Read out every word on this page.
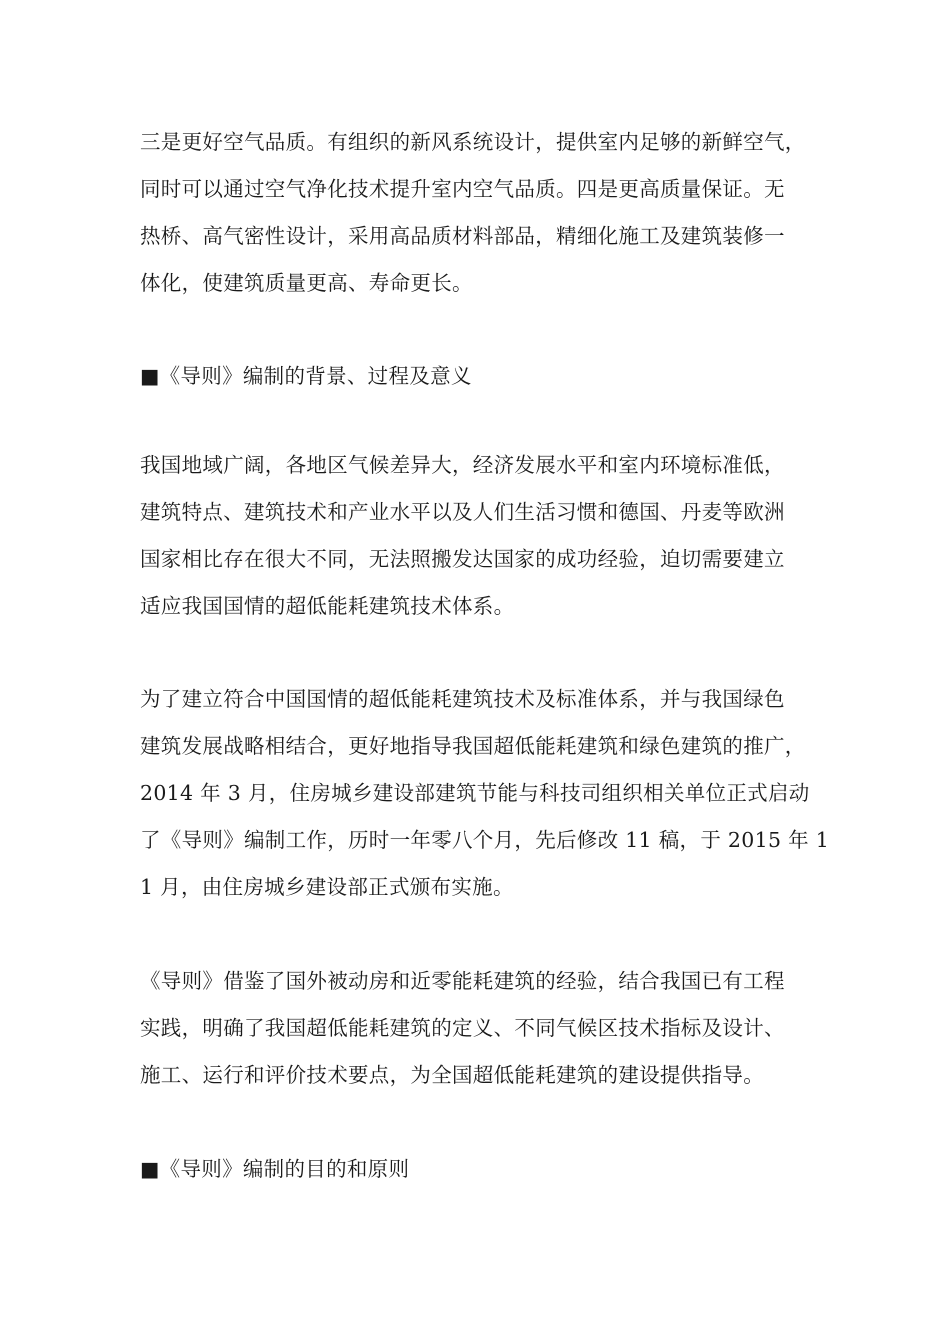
三是更好空气品质。有组织的新风系统设计，提供室内足够的新鲜空气，
同时可以通过空气净化技术提升室内空气品质。四是更高质量保证。无
热桥、高气密性设计，采用高品质材料部品，精细化施工及建筑装修一
体化，使建筑质量更高、寿命更长。
■《导则》编制的背景、过程及意义
我国地域广阔，各地区气候差异大，经济发展水平和室内环境标准低，
建筑特点、建筑技术和产业水平以及人们生活习惯和德国、丹麦等欧洲
国家相比存在很大不同，无法照搬发达国家的成功经验，迫切需要建立
适应我国国情的超低能耗建筑技术体系。
为了建立符合中国国情的超低能耗建筑技术及标准体系，并与我国绿色
建筑发展战略相结合，更好地指导我国超低能耗建筑和绿色建筑的推广，
2014 年 3 月，住房城乡建设部建筑节能与科技司组织相关单位正式启动
了《导则》编制工作，历时一年零八个月，先后修改 11 稿，于 2015 年 1
1 月，由住房城乡建设部正式颁布实施。
《导则》借鉴了国外被动房和近零能耗建筑的经验，结合我国已有工程
实践，明确了我国超低能耗建筑的定义、不同气候区技术指标及设计、
施工、运行和评价技术要点，为全国超低能耗建筑的建设提供指导。
■《导则》编制的目的和原则
